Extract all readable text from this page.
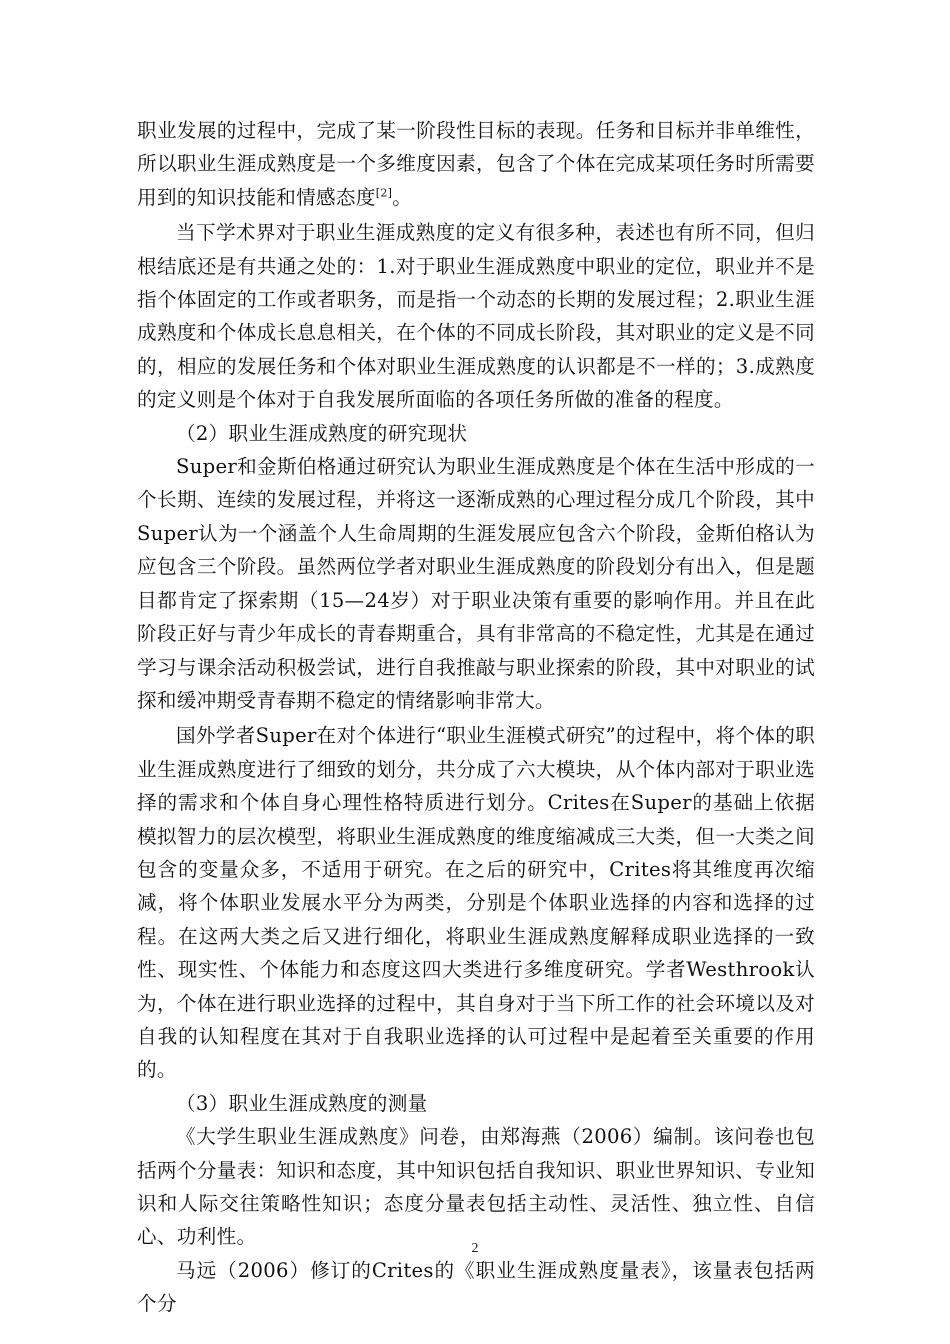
职业发展的过程中，完成了某一阶段性目标的表现。任务和目标并非单维性，所以职业生涯成熟度是一个多维度因素，包含了个体在完成某项任务时所需要用到的知识技能和情感态度[2]。

当下学术界对于职业生涯成熟度的定义有很多种，表述也有所不同，但归根结底还是有共通之处的：1.对于职业生涯成熟度中职业的定位，职业并不是指个体固定的工作或者职务，而是指一个动态的长期的发展过程；2.职业生涯成熟度和个体成长息息相关，在个体的不同成长阶段，其对职业的定义是不同的，相应的发展任务和个体对职业生涯成熟度的认识都是不一样的；3.成熟度的定义则是个体对于自我发展所面临的各项任务所做的准备的程度。

（2）职业生涯成熟度的研究现状

Super和金斯伯格通过研究认为职业生涯成熟度是个体在生活中形成的一个长期、连续的发展过程，并将这一逐渐成熟的心理过程分成几个阶段，其中Super认为一个涵盖个人生命周期的生涯发展应包含六个阶段，金斯伯格认为应包含三个阶段。虽然两位学者对职业生涯成熟度的阶段划分有出入，但是题目都肯定了探索期（15—24岁）对于职业决策有重要的影响作用。并且在此阶段正好与青少年成长的青春期重合，具有非常高的不稳定性，尤其是在通过学习与课余活动积极尝试，进行自我推敲与职业探索的阶段，其中对职业的试探和缓冲期受青春期不稳定的情绪影响非常大。

国外学者Super在对个体进行“职业生涯模式研究”的过程中，将个体的职业生涯成熟度进行了细致的划分，共分成了六大模块，从个体内部对于职业选择的需求和个体自身心理性格特质进行划分。Crites在Super的基础上依据模拟智力的层次模型，将职业生涯成熟度的维度缩减成三大类，但一大类之间包含的变量众多，不适用于研究。在之后的研究中，Crites将其维度再次缩减，将个体职业发展水平分为两类，分别是个体职业选择的内容和选择的过程。在这两大类之后又进行细化，将职业生涯成熟度解释成职业选择的一致性、现实性、个体能力和态度这四大类进行多维度研究。学者Westhrook认为，个体在进行职业选择的过程中，其自身对于当下所工作的社会环境以及对自我的认知程度在其对于自我职业选择的认可过程中是起着至关重要的作用的。

（3）职业生涯成熟度的测量

《大学生职业生涯成熟度》问卷，由郑海燕（2006）编制。该问卷也包括两个分量表：知识和态度，其中知识包括自我知识、职业世界知识、专业知识和人际交往策略性知识；态度分量表包括主动性、灵活性、独立性、自信心、功利性。

马远（2006）修订的Crites的《职业生涯成熟度量表》，该量表包括两个分

2
